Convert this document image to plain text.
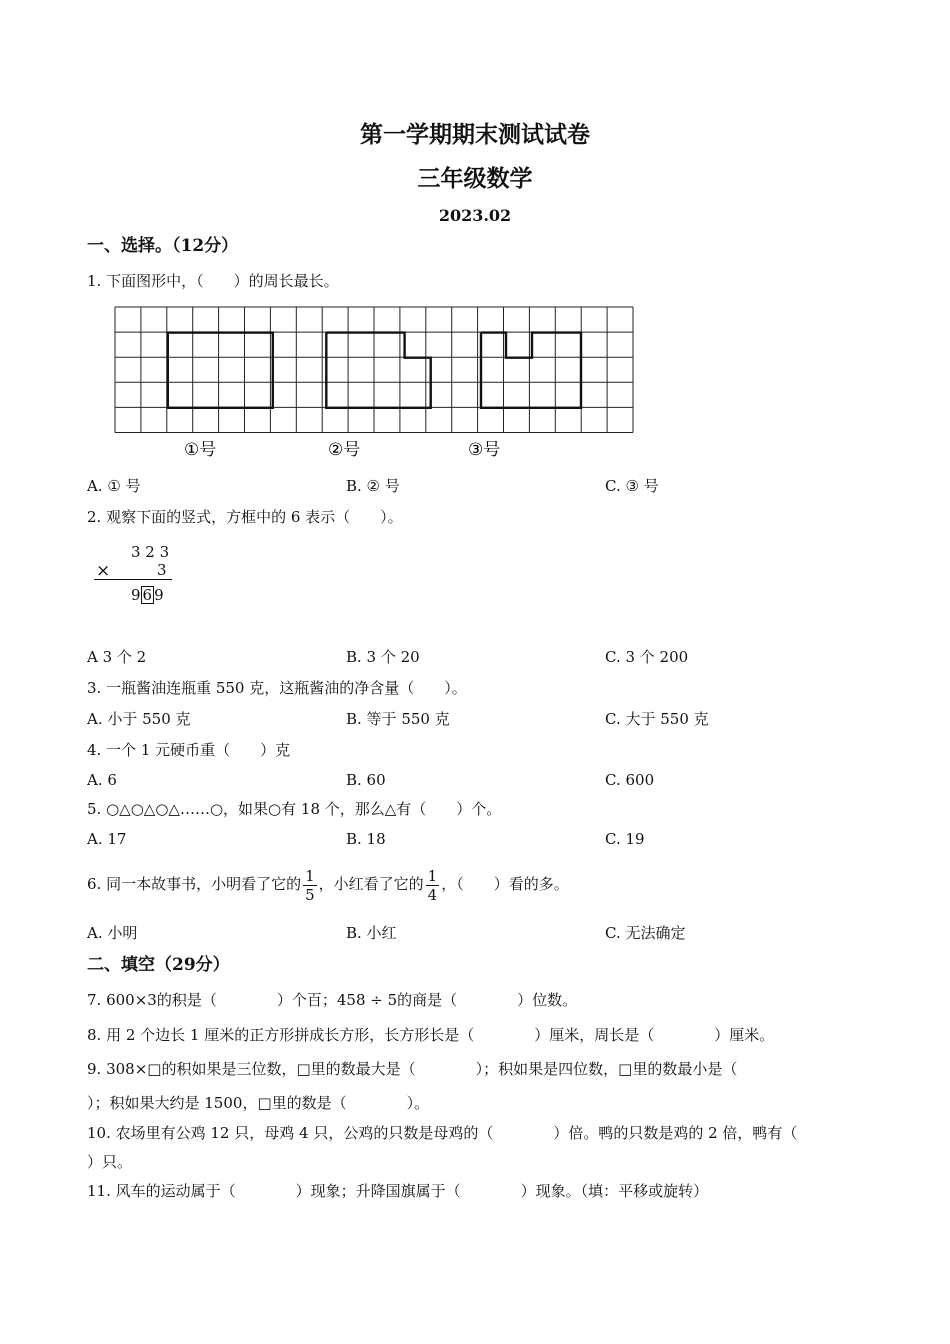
第一学期期末测试试卷
三年级数学
2023.02
一、选择。（12分）
1. 下面图形中，（　　）的周长最长。
①号	②号	③号
A. ① 号	B. ② 号	C. ③ 号
2. 观察下面的竖式，方框中的 6 表示（　　）。
3 2 3
×	3
9 6 9
A 3 个 2	B. 3 个 20	C. 3 个 200
3. 一瓶酱油连瓶重 550 克，这瓶酱油的净含量（　　）。
A. 小于 550 克	B. 等于 550 克	C. 大于 550 克
4. 一个 1 元硬币重（　　）克
A. 6	B. 60	C. 600
5. ○△○△○△……○，如果○有 18 个，那么△有（　　）个。
A. 17	B. 18	C. 19
6. 同一本故事书，小明看了它的 $\frac{1}{5}$ ，小红看了它的 $\frac{1}{4}$ ，（　　）看的多。
A. 小明	B. 小红	C. 无法确定
二、填空（29分）
7. 600×3的积是（　　　　）个百；458 ÷ 5的商是（　　　　）位数。
8. 用 2 个边长 1 厘米的正方形拼成长方形，长方形长是（　　　　）厘米，周长是（　　　　）厘米。
9. 308×□的积如果是三位数，□里的数最大是（　　　　）；积如果是四位数，□里的数最小是（
）；积如果大约是 1500，□里的数是（　　　　）。
10. 农场里有公鸡 12 只，母鸡 4 只，公鸡的只数是母鸡的（　　　　）倍。鸭的只数是鸡的 2 倍，鸭有（
）只。
11. 风车的运动属于（　　　　）现象；升降国旗属于（　　　　）现象。（填：平移或旋转）
